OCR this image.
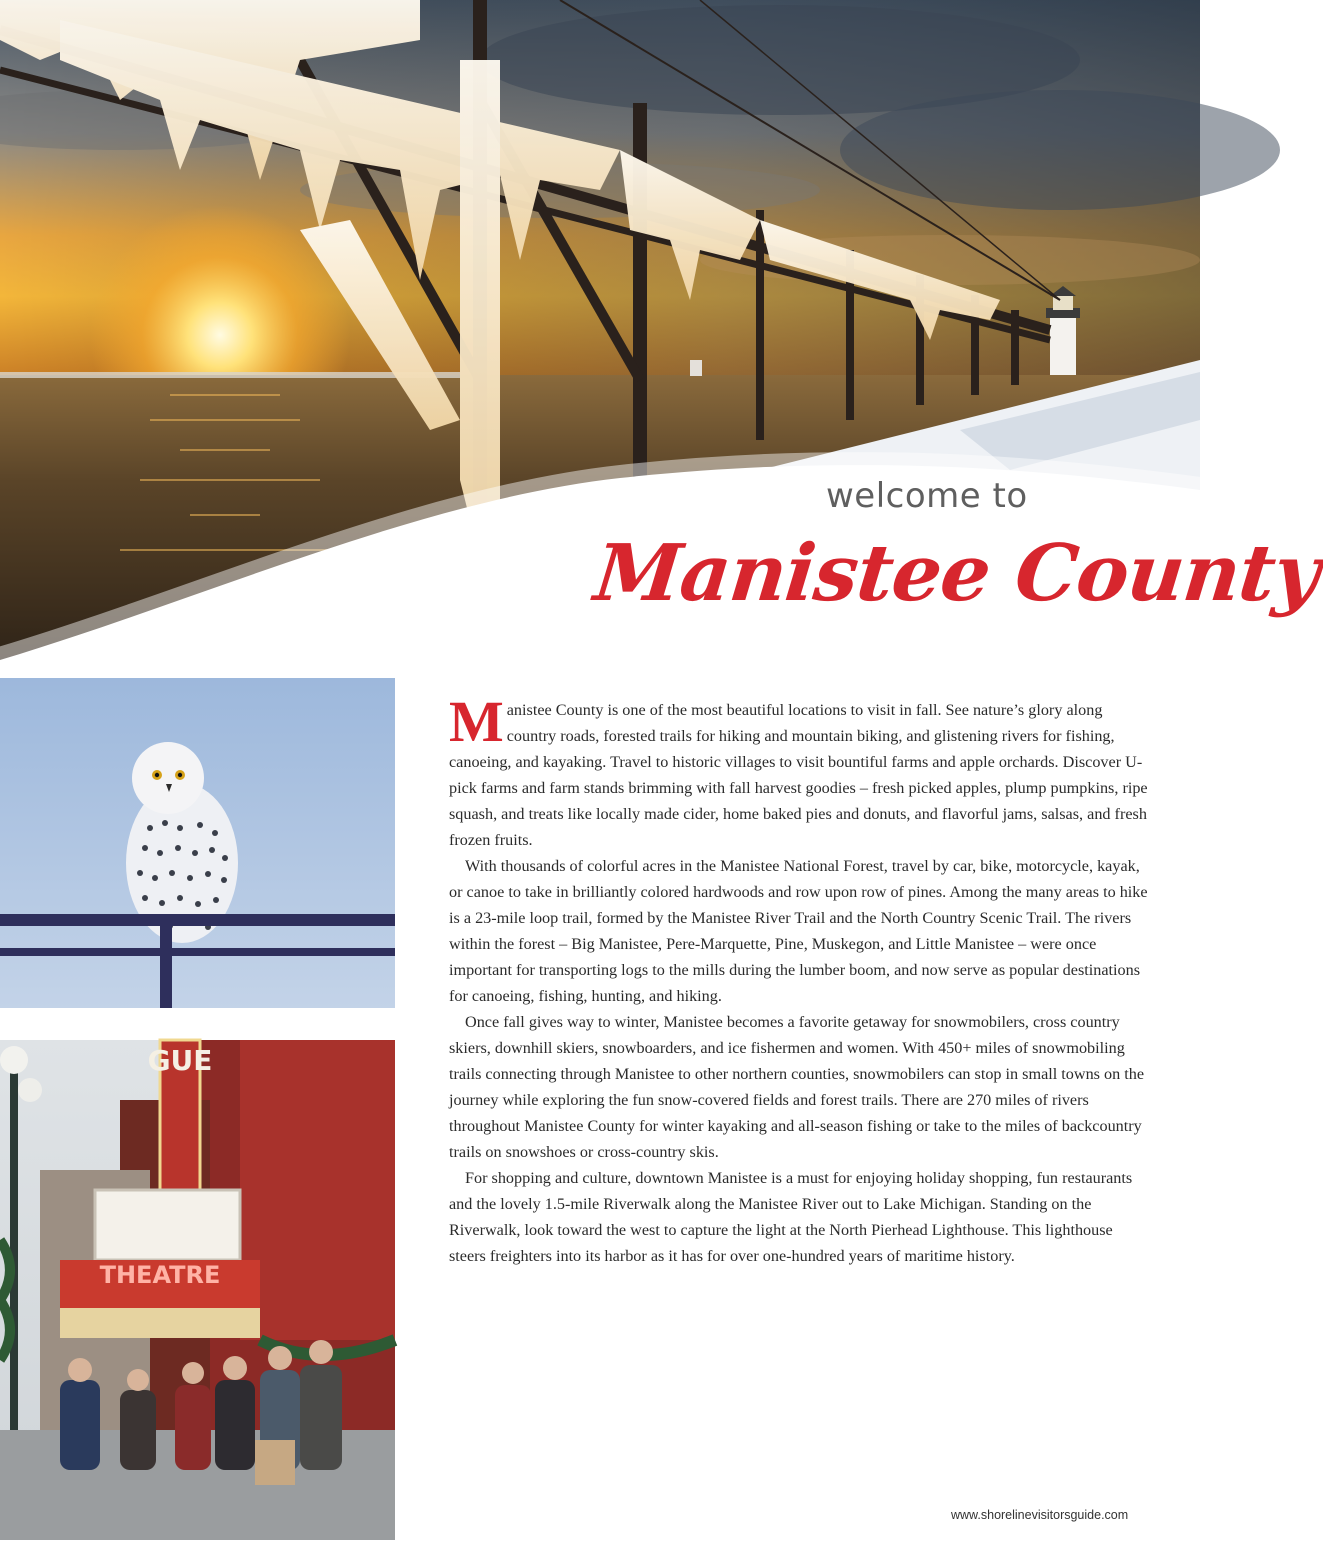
welcome to
Manistee County
GUE
THEATRE

Manistee County is one of the most beautiful locations to visit in fall. See nature’s glory along country roads, forested trails for hiking and mountain biking, and glistening rivers for fishing, canoeing, and kayaking. Travel to historic villages to visit bountiful farms and apple orchards. Discover U-pick farms and farm stands brimming with fall harvest goodies – fresh picked apples, plump pumpkins, ripe squash, and treats like locally made cider, home baked pies and donuts, and flavorful jams, salsas, and fresh frozen fruits.

With thousands of colorful acres in the Manistee National Forest, travel by car, bike, motorcycle, kayak, or canoe to take in brilliantly colored hardwoods and row upon row of pines. Among the many areas to hike is a 23-mile loop trail, formed by the Manistee River Trail and the North Country Scenic Trail. The rivers within the forest – Big Manistee, Pere-Marquette, Pine, Muskegon, and Little Manistee – were once important for transporting logs to the mills during the lumber boom, and now serve as popular destinations for canoeing, fishing, hunting, and hiking.

Once fall gives way to winter, Manistee becomes a favorite getaway for snowmobilers, cross country skiers, downhill skiers, snowboarders, and ice fishermen and women. With 450+ miles of snowmobiling trails connecting through Manistee to other northern counties, snowmobilers can stop in small towns on the journey while exploring the fun snow-covered fields and forest trails. There are 270 miles of rivers throughout Manistee County for winter kayaking and all-season fishing or take to the miles of backcountry trails on snowshoes or cross-country skis.

For shopping and culture, downtown Manistee is a must for enjoying holiday shopping, fun restaurants and the lovely 1.5-mile Riverwalk along the Manistee River out to Lake Michigan. Standing on the Riverwalk, look toward the west to capture the light at the North Pierhead Lighthouse. This lighthouse steers freighters into its harbor as it has for over one-hundred years of maritime history.

www.shorelinevisitorsguide.com
